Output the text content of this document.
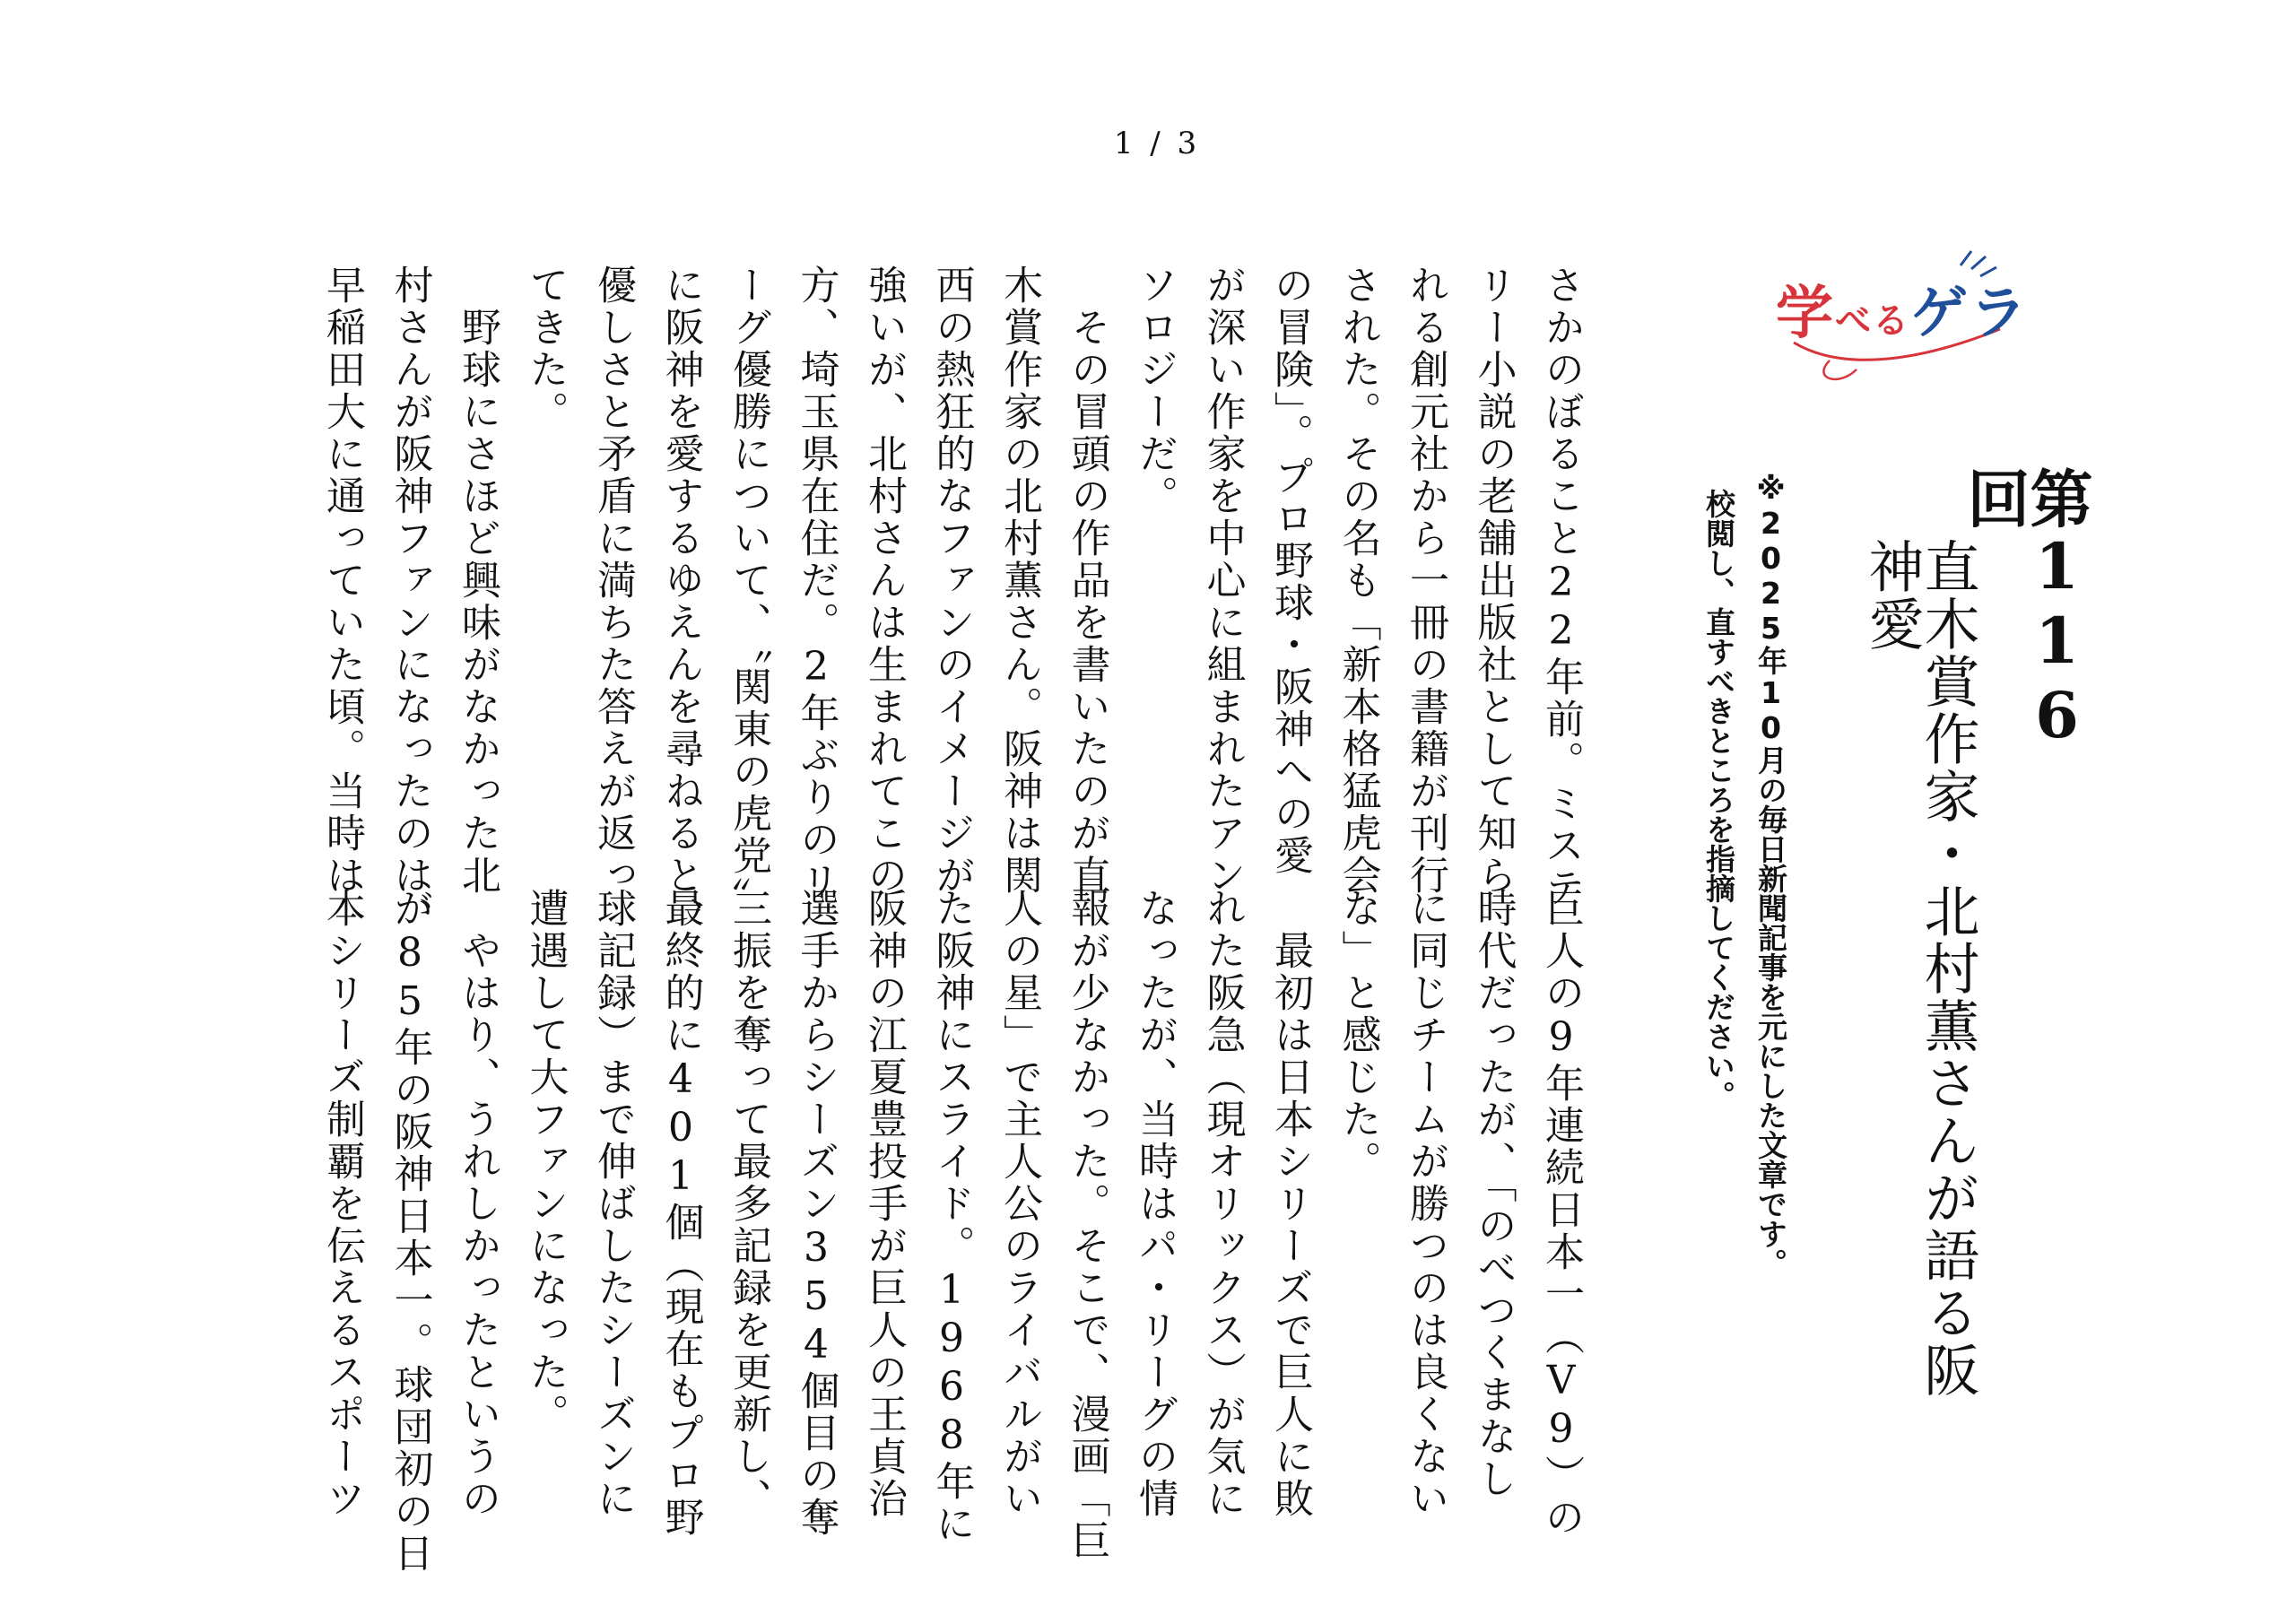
1 / 3
学べるゲラ
第116回
直木賞作家・北村薫さんが語る阪神愛
※2025年10月の毎日新聞記事を元にした文章です。
校閲し、直すべきところを指摘してください。
さかのぼること22年前。ミステ
リー小説の老舗出版社として知ら
れる創元社から一冊の書籍が刊行
された。その名も「新本格猛虎会
の冒険」。プロ野球・阪神への愛
が深い作家を中心に組まれたアン
ソロジーだ。
　その冒頭の作品を書いたのが直
木賞作家の北村薫さん。阪神は関
西の熱狂的なファンのイメージが
強いが、北村さんは生まれてこの
方、埼玉県在住だ。2年ぶりのリ
ーグ優勝について、〝関東の虎党〟
に阪神を愛するゆえんを尋ねると、
優しさと矛盾に満ちた答えが返っ
てきた。
　野球にさほど興味がなかった北
村さんが阪神ファンになったのは、
早稲田大に通っていた頃。当時は
巨人の9年連続日本一（V9）の
時代だったが、「のべつくまなし
に同じチームが勝つのは良くない
な」と感じた。
　最初は日本シリーズで巨人に敗
れた阪急（現オリックス）が気に
なったが、当時はパ・リーグの情
報が少なかった。そこで、漫画「巨
人の星」で主人公のライバルがい
た阪神にスライド。1968年に
阪神の江夏豊投手が巨人の王貞治
選手からシーズン354個目の奪
三振を奪って最多記録を更新し、
最終的に401個（現在もプロ野
球記録）まで伸ばしたシーズンに
遭遇して大ファンになった。
　やはり、うれしかったというの
が85年の阪神日本一。球団初の日
本シリーズ制覇を伝えるスポーツ
